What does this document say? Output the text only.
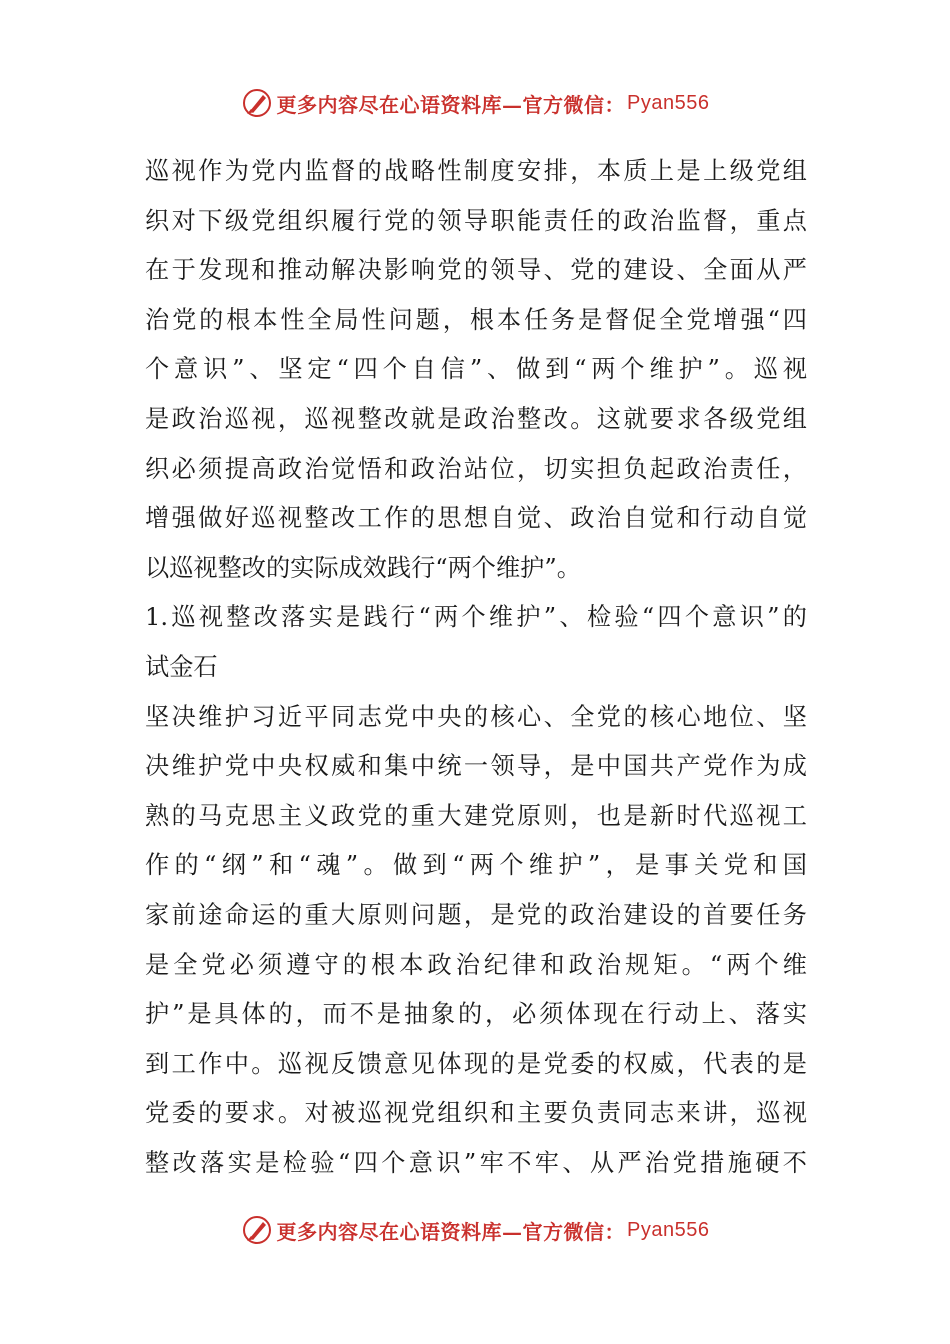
更多内容尽在心语资料库—官方微信： Pyan556
巡视作为党内监督的战略性制度安排，本质上是上级党组
织对下级党组织履行党的领导职能责任的政治监督，重点
在于发现和推动解决影响党的领导、党的建设、全面从严
治党的根本性全局性问题，根本任务是督促全党增强“四
个意识”、坚定“四个自信”、做到“两个维护”。巡视
是政治巡视，巡视整改就是政治整改。这就要求各级党组
织必须提高政治觉悟和政治站位，切实担负起政治责任，
增强做好巡视整改工作的思想自觉、政治自觉和行动自觉
以巡视整改的实际成效践行“两个维护”。
1.巡视整改落实是践行“两个维护”、检验“四个意识”的
试金石
坚决维护习近平同志党中央的核心、全党的核心地位、坚
决维护党中央权威和集中统一领导，是中国共产党作为成
熟的马克思主义政党的重大建党原则，也是新时代巡视工
作的“纲”和“魂”。做到“两个维护”，是事关党和国
家前途命运的重大原则问题，是党的政治建设的首要任务
是全党必须遵守的根本政治纪律和政治规矩。“两个维
护”是具体的，而不是抽象的，必须体现在行动上、落实
到工作中。巡视反馈意见体现的是党委的权威，代表的是
党委的要求。对被巡视党组织和主要负责同志来讲，巡视
整改落实是检验“四个意识”牢不牢、从严治党措施硬不
更多内容尽在心语资料库—官方微信： Pyan556
